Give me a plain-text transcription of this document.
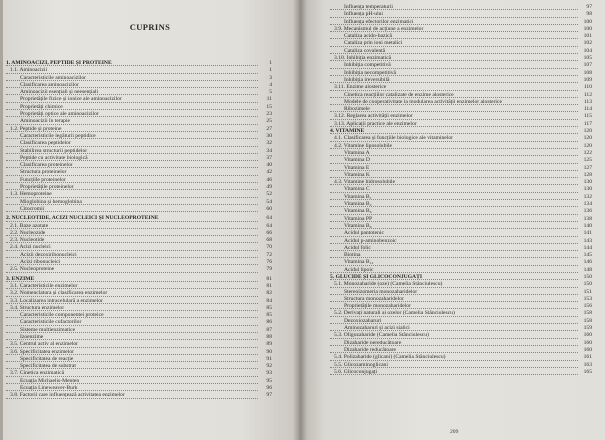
CUPRINS
1. AMINOACIZI, PEPTIDE ȘI PROTEINE	1
1.1. Aminoacizii	1
Caracteristicile aminoacizilor	3
Clasificarea aminoacizilor	4
Aminoacizii esențiali și neesențiali	5
Proprietățile fizice și ionice ale aminoacizilor	11
Proprietăți chimice	15
Proprietăți optice ale aminoacizilor	23
Aminoacizii în terapie	25
1.2. Peptide și proteine	27
Caracteristicile legăturii peptidice	30
Clasificarea peptidelor	32
Stabilirea structurii peptidelor	34
Peptide cu activitate biologică	37
Clasificarea proteinelor	40
Structura proteinelor	42
Funcțiile proteinelor	46
Proprietățile proteinelor	49
1.3. Hemoproteine	52
Mioglobina și hemoglobina	54
Citocromii	60
2. NUCLEOTIDE, ACIZI NUCLEICI ȘI NUCLEOPROTEINE	64
2.1. Baze azotate	64
2.2. Nucleozide	66
2.3. Nucleotide	68
2.4. Acizi nucleici	70
Acizii dezoxiribonucleici	72
Acizi ribonucleici	76
2.5. Nucleoproteine	79
3. ENZIME	81
3.1. Caracteristicile enzimelor	81
3.2. Nomenclatura și clasificarea enzimelor	82
3.3. Localizarea intracelulară a enzimelor	84
3.4. Structura enzimelor	85
Caracteristicile componentei proteice	85
Caracteristicile cofactorilor	86
Sisteme multienzimatice	87
Izoenzime	88
3.5. Centrul activ al enzimelor	89
3.6. Specificitatea enzimelor	90
Specificitatea de reacție	91
Specificitatea de substrat	92
3.7. Cinetica enzimatică	93
Ecuația Michaelis-Menten	95
Ecuația Lineweaver-Burk	96
3.8. Factorii care influențează activitatea enzimelor	97
Influența temperaturii	97
Influența pH-ului	98
Influența efectorilor enzimatici	100
3.9. Mecanismul de acțiune a enzimelor	100
Cataliza acido-bazică	101
Cataliza prin ioni metalici	102
Cataliza covalentă	104
3.10. Inhibiția enzimatică	105
Inhibiția competitivă	107
Inhibiția necompetitivă	108
Inhibiția ireversibilă	109
3.11. Enzime alosterice	110
Cinetica reacțiilor catalizate de enzime alosterice	112
Modele de cooperativitate la modularea activității enzimelor alosterice	113
Ribozimele	114
3.12. Reglarea activității enzimelor	115
3.13. Aplicații practice ale enzimelor	117
4. VITAMINE	120
4.1. Clasificarea și funcțiile biologice ale vitaminelor	120
4.2. Vitamine liposolubile	120
Vitamina A	122
Vitamina D	125
Vitamina E	127
Vitamina K	128
4.3. Vitamine hidrosolubile	130
Vitamina C	130
Vitamina B₁	132
Vitamina B₂	134
Vitamina B₆	136
Vitamina PP	138
Vitamina B₆	140
Acidul pantotenic	141
Acidul p-aminobenzoic	143
Acidul folic	144
Biotina	145
Vitamina B₁₂	146
Acidul lipoic	148
5. GLUCIDE ȘI GLICOCONJUGAȚI	150
5.1. Monozaharide (oze) (Camelia Stănciulescu)	150
Stereoizomeria monozaharidelor	151
Structura monozaharidelor	153
Proprietățile monozaharidelor	156
5.2. Derivați naturali ai ozelor (Camelia Stănciulescu)	158
Dezoxiozaharuri	158
Aminozaharuri și acizi sialici	159
5.3. Oligozaharide (Camelia Stănciulescu)	160
Dizaharide nereducătoare	160
Dizaharide reducătoare	160
5.4. Polizaharide (glicani) (Camelia Stănciulescu)	161
5.5. Glicozaminoglicani	163
5.6. Glicoconjugați	165
209
